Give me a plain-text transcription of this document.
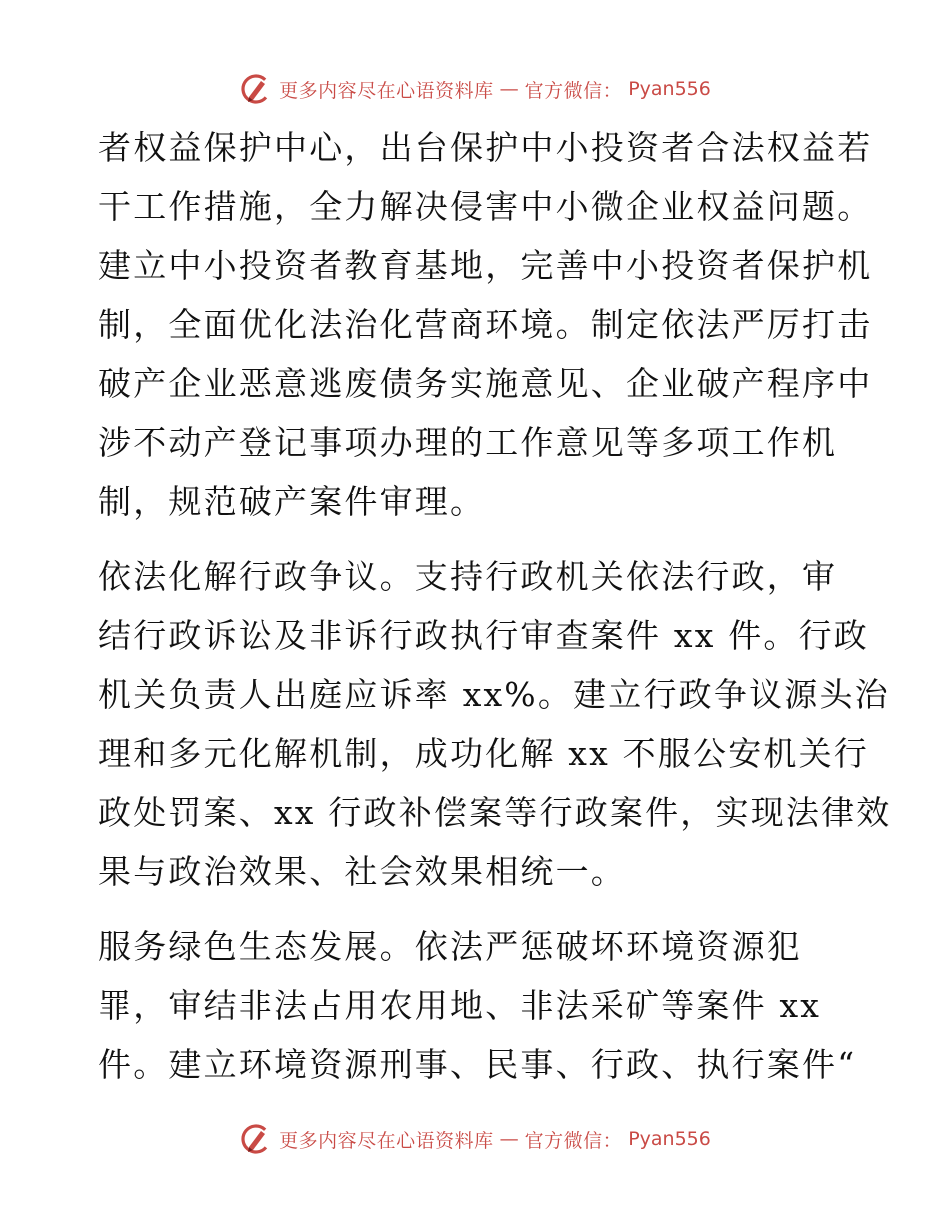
更多内容尽在心语资料库 — 官方微信： Pyan556

者权益保护中心，出台保护中小投资者合法权益若
干工作措施，全力解决侵害中小微企业权益问题。
建立中小投资者教育基地，完善中小投资者保护机
制，全面优化法治化营商环境。制定依法严厉打击
破产企业恶意逃废债务实施意见、企业破产程序中
涉不动产登记事项办理的工作意见等多项工作机
制，规范破产案件审理。

依法化解行政争议。支持行政机关依法行政，审
结行政诉讼及非诉行政执行审查案件 xx 件。行政
机关负责人出庭应诉率 xx%。建立行政争议源头治
理和多元化解机制，成功化解 xx 不服公安机关行
政处罚案、xx 行政补偿案等行政案件，实现法律效
果与政治效果、社会效果相统一。

服务绿色生态发展。依法严惩破坏环境资源犯
罪，审结非法占用农用地、非法采矿等案件 xx
件。建立环境资源刑事、民事、行政、执行案件“

更多内容尽在心语资料库 — 官方微信： Pyan556
